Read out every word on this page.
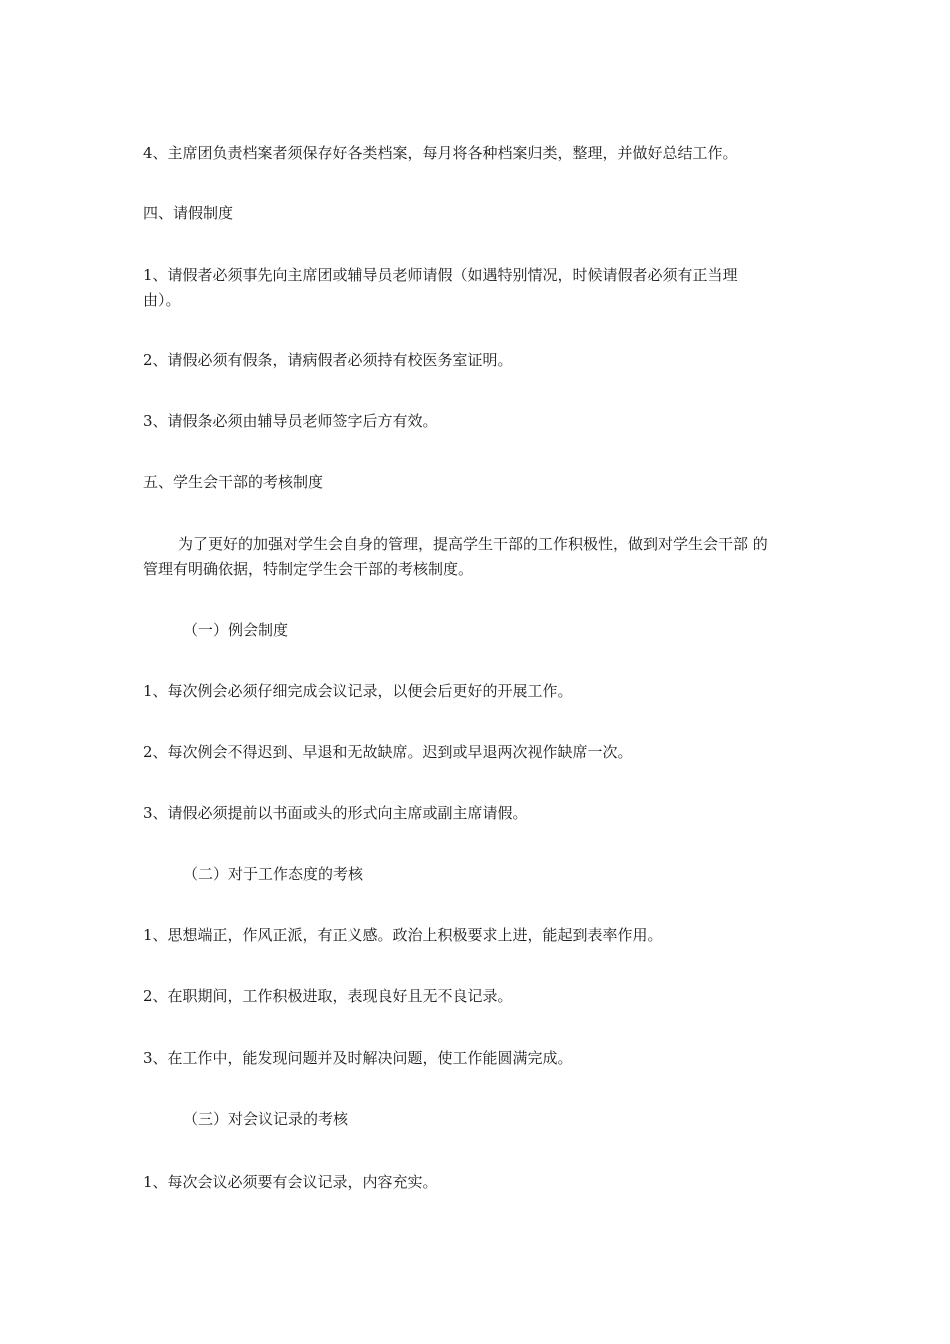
4、主席团负责档案者须保存好各类档案，每月将各种档案归类，整理，并做好总结工作。
四、请假制度
1、请假者必须事先向主席团或辅导员老师请假（如遇特别情况，时候请假者必须有正当理
由）。
2、请假必须有假条，请病假者必须持有校医务室证明。
3、请假条必须由辅导员老师签字后方有效。
五、学生会干部的考核制度
为了更好的加强对学生会自身的管理，提高学生干部的工作积极性，做到对学生会干部 的
管理有明确依据，特制定学生会干部的考核制度。
（一）例会制度
1、每次例会必须仔细完成会议记录，以便会后更好的开展工作。
2、每次例会不得迟到、早退和无故缺席。迟到或早退两次视作缺席一次。
3、请假必须提前以书面或头的形式向主席或副主席请假。
（二）对于工作态度的考核
1、思想端正，作风正派，有正义感。政治上积极要求上进，能起到表率作用。
2、在职期间，工作积极进取，表现良好且无不良记录。
3、在工作中，能发现问题并及时解决问题，使工作能圆满完成。
（三）对会议记录的考核
1、每次会议必须要有会议记录，内容充实。
